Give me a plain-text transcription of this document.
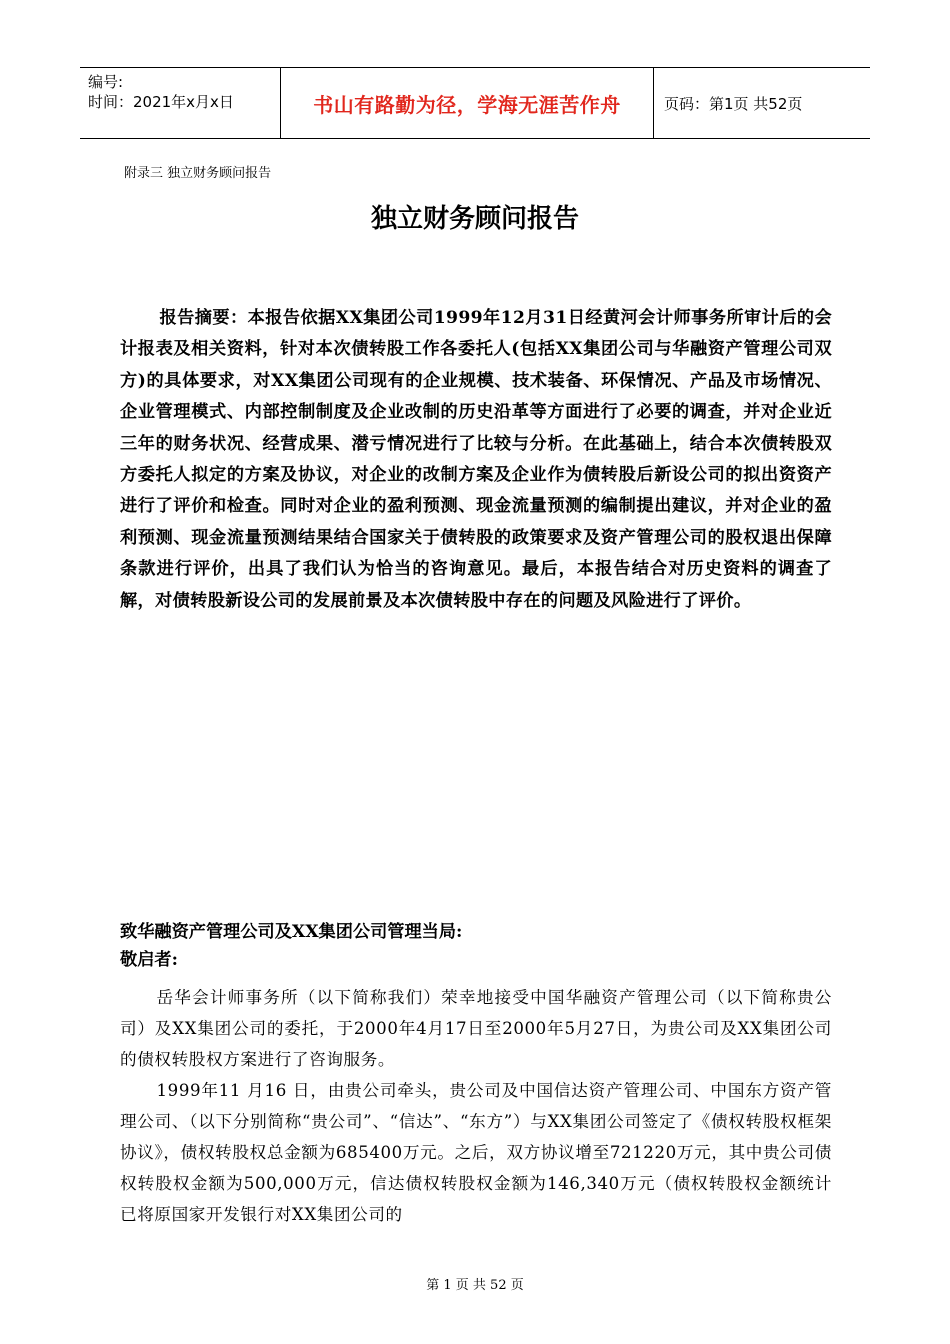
编号:
时间：2021年x月x日	书山有路勤为径，学海无涯苦作舟	页码：第1页 共52页
附录三 独立财务顾问报告
独立财务顾问报告

报告摘要：本报告依据XX集团公司1999年12月31日经黄河会计师事务所审计后的会计报表及相关资料，针对本次债转股工作各委托人(包括XX集团公司与华融资产管理公司双方)的具体要求，对XX集团公司现有的企业规模、技术装备、环保情况、产品及市场情况、企业管理模式、内部控制制度及企业改制的历史沿革等方面进行了必要的调查，并对企业近三年的财务状况、经营成果、潜亏情况进行了比较与分析。在此基础上，结合本次债转股双方委托人拟定的方案及协议，对企业的改制方案及企业作为债转股后新设公司的拟出资资产进行了评价和检查。同时对企业的盈利预测、现金流量预测的编制提出建议，并对企业的盈利预测、现金流量预测结果结合国家关于债转股的政策要求及资产管理公司的股权退出保障条款进行评价，出具了我们认为恰当的咨询意见。最后，本报告结合对历史资料的调查了解，对债转股新设公司的发展前景及本次债转股中存在的问题及风险进行了评价。

致华融资产管理公司及XX集团公司管理当局:
敬启者:

岳华会计师事务所（以下简称我们）荣幸地接受中国华融资产管理公司（以下简称贵公司）及XX集团公司的委托，于2000年4月17日至2000年5月27日，为贵公司及XX集团公司的债权转股权方案进行了咨询服务。

1999年11 月16 日，由贵公司牵头，贵公司及中国信达资产管理公司、中国东方资产管理公司、（以下分别简称“贵公司”、“信达”、“东方”）与XX集团公司签定了《债权转股权框架协议》，债权转股权总金额为685400万元。之后，双方协议增至721220万元，其中贵公司债权转股权金额为500,000万元，信达债权转股权金额为146,340万元（债权转股权金额统计已将原国家开发银行对XX集团公司的

第 1 页 共 52 页
